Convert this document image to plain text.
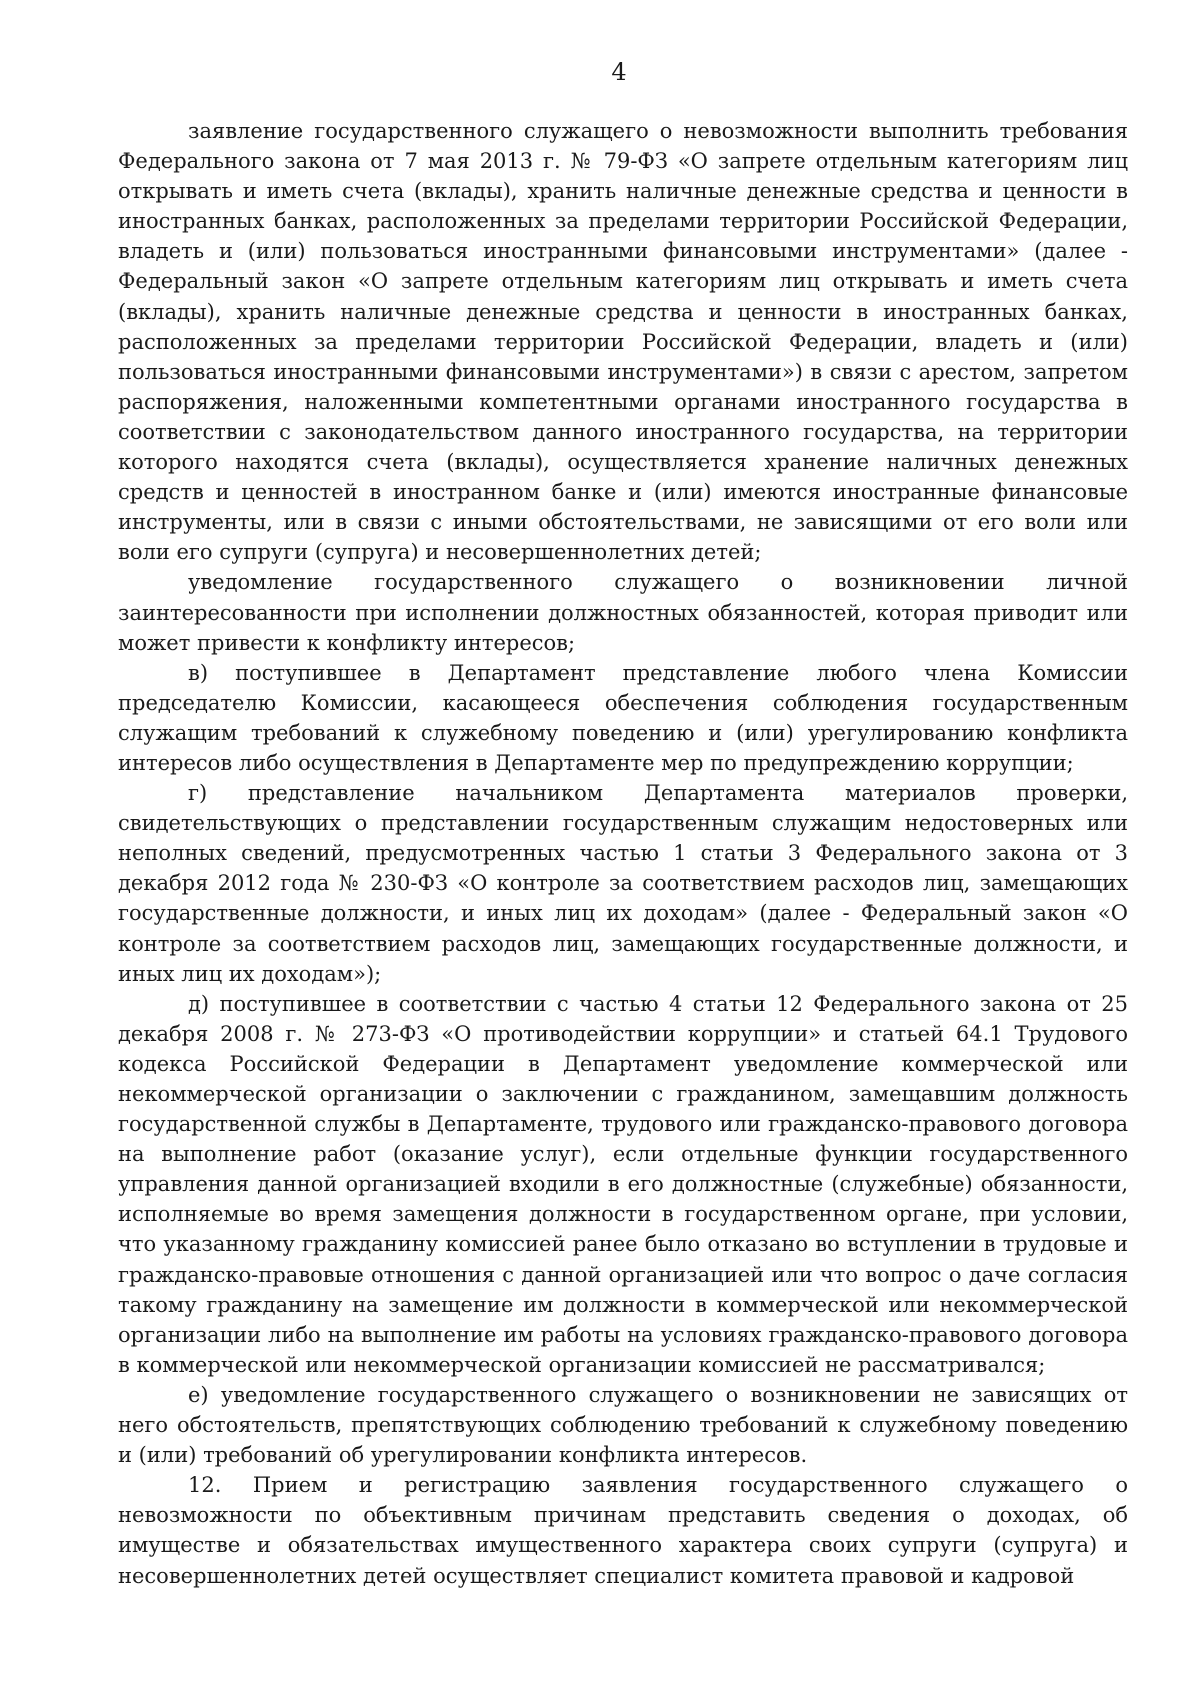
4

заявление государственного служащего о невозможности выполнить требования Федерального закона от 7 мая 2013 г. № 79-ФЗ «О запрете отдельным категориям лиц открывать и иметь счета (вклады), хранить наличные денежные средства и ценности в иностранных банках, расположенных за пределами территории Российской Федерации, владеть и (или) пользоваться иностранными финансовыми инструментами» (далее - Федеральный закон «О запрете отдельным категориям лиц открывать и иметь счета (вклады), хранить наличные денежные средства и ценности в иностранных банках, расположенных за пределами территории Российской Федерации, владеть и (или) пользоваться иностранными финансовыми инструментами») в связи с арестом, запретом распоряжения, наложенными компетентными органами иностранного государства в соответствии с законодательством данного иностранного государства, на территории которого находятся счета (вклады), осуществляется хранение наличных денежных средств и ценностей в иностранном банке и (или) имеются иностранные финансовые инструменты, или в связи с иными обстоятельствами, не зависящими от его воли или воли его супруги (супруга) и несовершеннолетних детей;

уведомление государственного служащего о возникновении личной заинтересованности при исполнении должностных обязанностей, которая приводит или может привести к конфликту интересов;

в) поступившее в Департамент представление любого члена Комиссии председателю Комиссии, касающееся обеспечения соблюдения государственным служащим требований к служебному поведению и (или) урегулированию конфликта интересов либо осуществления в Департаменте мер по предупреждению коррупции;

г) представление начальником Департамента материалов проверки, свидетельствующих о представлении государственным служащим недостоверных или неполных сведений, предусмотренных частью 1 статьи 3 Федерального закона от 3 декабря 2012 года № 230-ФЗ «О контроле за соответствием расходов лиц, замещающих государственные должности, и иных лиц их доходам» (далее - Федеральный закон «О контроле за соответствием расходов лиц, замещающих государственные должности, и иных лиц их доходам»);

д) поступившее в соответствии с частью 4 статьи 12 Федерального закона от 25 декабря 2008 г. № 273-ФЗ «О противодействии коррупции» и статьей 64.1 Трудового кодекса Российской Федерации в Департамент уведомление коммерческой или некоммерческой организации о заключении с гражданином, замещавшим должность государственной службы в Департаменте, трудового или гражданско-правового договора на выполнение работ (оказание услуг), если отдельные функции государственного управления данной организацией входили в его должностные (служебные) обязанности, исполняемые во время замещения должности в государственном органе, при условии, что указанному гражданину комиссией ранее было отказано во вступлении в трудовые и гражданско-правовые отношения с данной организацией или что вопрос о даче согласия такому гражданину на замещение им должности в коммерческой или некоммерческой организации либо на выполнение им работы на условиях гражданско-правового договора в коммерческой или некоммерческой организации комиссией не рассматривался;

е) уведомление государственного служащего о возникновении не зависящих от него обстоятельств, препятствующих соблюдению требований к служебному поведению и (или) требований об урегулировании конфликта интересов.

12. Прием и регистрацию заявления государственного служащего о невозможности по объективным причинам представить сведения о доходах, об имуществе и обязательствах имущественного характера своих супруги (супруга) и несовершеннолетних детей осуществляет специалист комитета правовой и кадровой
